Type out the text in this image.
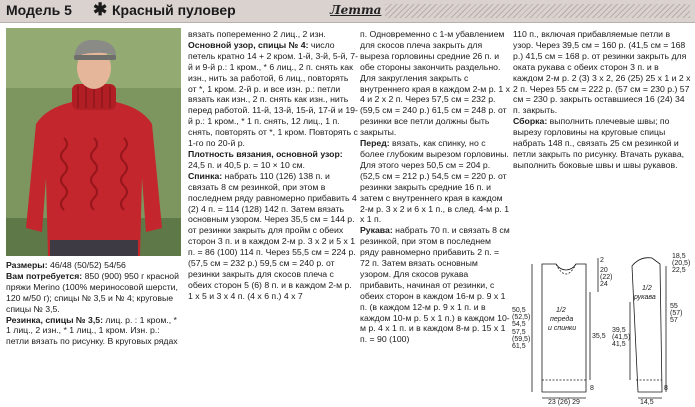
Модель 5 ✱ Красный пуловер	Летта

Размеры: 46/48 (50/52) 54/56

Вам потребуется: 850 (900) 950 г красной пряжи Merino (100% мериносовой шерсти, 120 м/50 г); спицы № 3,5 и № 4; круговые спицы № 3,5.

Резинка, спицы № 3,5: лиц. р. : 1 кром., * 1 лиц., 2 изн., * 1 лиц., 1 кром. Изн. р.: петли вязать по рисунку. В круговых рядах

вязать попеременно 2 лиц., 2 изн.

Основной узор, спицы № 4: число петель кратно 14 + 2 кром. 1-й, 3-й, 5-й, 7-й и 9-й р.: 1 кром., * 6 лиц., 2 п. снять как изн., нить за работой, 6 лиц., повторять от *, 1 кром. 2-й р. и все изн. р.: петли вязать как изн., 2 п. снять как изн., нить перед работой. 11-й, 13-й, 15-й, 17-й и 19-й р.: 1 кром., * 1 п. снять, 12 лиц., 1 п. снять, повторять от *, 1 кром. Повторять с 1-го по 20-й р.

Плотность вязания, основной узор: 24,5 п. и 40,5 р. = 10 × 10 см.

Спинка: набрать 110 (126) 138 п. и связать 8 см резинкой, при этом в последнем ряду равномерно прибавить 4 (2) 4 п. = 114 (128) 142 п. Затем вязать основным узором. Через 35,5 см = 144 р. от резинки закрыть для пройм с обеих сторон 3 п. и в каждом 2-м р. 3 х 2 и 5 х 1 п. = 86 (100) 114 п. Через 55,5 см = 224 р. (57,5 см = 232 р.) 59,5 см = 240 р. от резинки закрыть для скосов плеча с обеих сторон 5 (6) 8 п. и в каждом 2-м р. 1 х 5 и 3 х 4 п. (4 х 6 п.) 4 х 7

п. Одновременно с 1-м убавлением для скосов плеча закрыть для выреза горловины средние 26 п. и обе стороны закончить раздельно. Для закругления закрыть с внутреннего края в каждом 2-м р. 1 х 4 и 2 х 2 п. Через 57,5 см = 232 р. (59,5 см = 240 р.) 61,5 см = 248 р. от резинки все петли должны быть закрыты.

Перед: вязать, как спинку, но с более глубоким вырезом горловины. Для этого через 50,5 см = 204 р. (52,5 см = 212 р.) 54,5 см = 220 р. от резинки закрыть средние 16 п. и затем с внутреннего края в каждом 2-м р. 3 х 2 и 6 х 1 п., в след. 4-м р. 1 х 1 п.

Рукава: набрать 70 п. и связать 8 см резинкой, при этом в последнем ряду равномерно прибавить 2 п. = 72 п. Затем вязать основным узором. Для скосов рукава прибавить, начиная от резинки, с обеих сторон в каждом 16-м р. 9 х 1 п. (в каждом 12-м р. 9 х 1 п. и в каждом 10-м р. 5 х 1 п.) в каждом 10-м р. 4 х 1 п. и в каждом 8-м р. 15 х 1 п. = 90 (100)

110 п., включая прибавляемые петли в узор. Через 39,5 см = 160 р. (41,5 см = 168 р.) 41,5 см = 168 р. от резинки закрыть для оката рукава с обеих сторон 3 п. и в каждом 2-м р. 2 (3) 3 х 2, 26 (25) 25 х 1 и 2 х 2 п. Через 55 см = 222 р. (57 см = 230 р.) 57 см = 230 р. закрыть оставшиеся 16 (24) 34 п. закрыть.

Сборка: выполнить плечевые швы; по вырезу горловины на круговые спицы набрать 148 п., связать 25 см резинкой и петли закрыть по рисунку. Втачать рукава, выполнить боковые швы и швы рукавов.

1/2
переда
и спинки
50,5
(52,5)
54,5
57,5
(59,5)
61,5
2
20
(22)
24
35,5
23 (26) 29
8
1/2
рукава
18,5
(20,5)
22,5
55
(57)
57
39,5
(41,5)
41,5
14,5
8
